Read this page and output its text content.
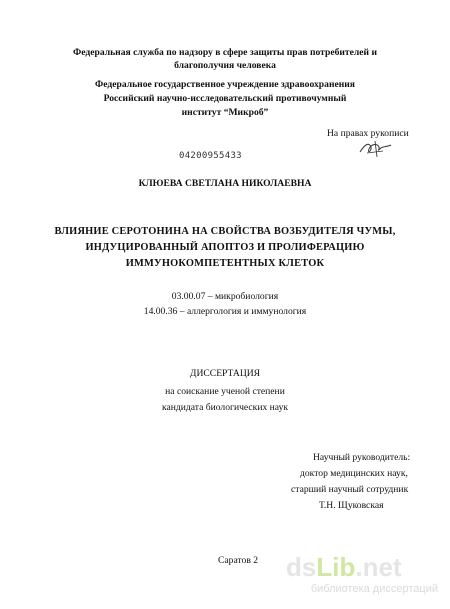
Федеральная служба по надзору в сфере защиты прав потребителей и
благополучия человека
Федеральное государственное учреждение здравоохранения
Российский научно-исследовательский противочумный
институт “Микроб”
На правах рукописи
04200955433
КЛЮЕВА СВЕТЛАНА НИКОЛАЕВНА
ВЛИЯНИЕ СЕРОТОНИНА НА СВОЙСТВА ВОЗБУДИТЕЛЯ ЧУМЫ,
ИНДУЦИРОВАННЫЙ АПОПТОЗ И ПРОЛИФЕРАЦИЮ
ИММУНОКОМПЕТЕНТНЫХ КЛЕТОК
03.00.07 – микробиология
14.00.36 – аллергология и иммунология
ДИССЕРТАЦИЯ
на соискание ученой степени
кандидата биологических наук
Научный руководитель:
доктор медицинских наук,
старший научный сотрудник
Т.Н. Щуковская
Саратов 2 dsLib.net
библиотека диссертаций
